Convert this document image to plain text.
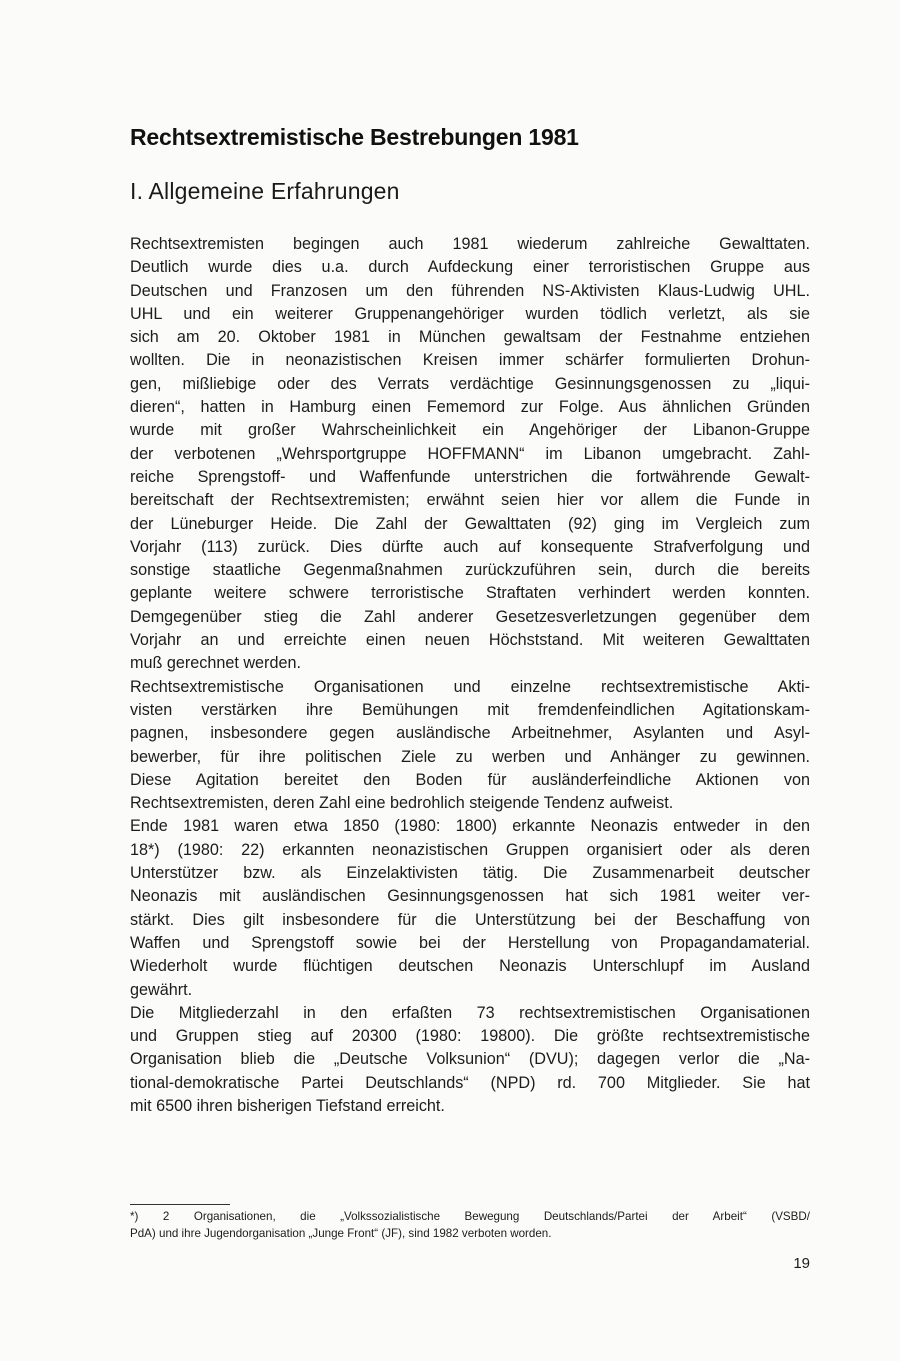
Rechtsextremistische Bestrebungen 1981
I. Allgemeine Erfahrungen

Rechtsextremisten begingen auch 1981 wiederum zahlreiche Gewalttaten.
Deutlich wurde dies u.a. durch Aufdeckung einer terroristischen Gruppe aus
Deutschen und Franzosen um den führenden NS-Aktivisten Klaus-Ludwig UHL.
UHL und ein weiterer Gruppenangehöriger wurden tödlich verletzt, als sie
sich am 20. Oktober 1981 in München gewaltsam der Festnahme entziehen
wollten. Die in neonazistischen Kreisen immer schärfer formulierten Drohun-
gen, mißliebige oder des Verrats verdächtige Gesinnungsgenossen zu „liqui-
dieren“, hatten in Hamburg einen Fememord zur Folge. Aus ähnlichen Gründen
wurde mit großer Wahrscheinlichkeit ein Angehöriger der Libanon-Gruppe
der verbotenen „Wehrsportgruppe HOFFMANN“ im Libanon umgebracht. Zahl-
reiche Sprengstoff- und Waffenfunde unterstrichen die fortwährende Gewalt-
bereitschaft der Rechtsextremisten; erwähnt seien hier vor allem die Funde in
der Lüneburger Heide. Die Zahl der Gewalttaten (92) ging im Vergleich zum
Vorjahr (113) zurück. Dies dürfte auch auf konsequente Strafverfolgung und
sonstige staatliche Gegenmaßnahmen zurückzuführen sein, durch die bereits
geplante weitere schwere terroristische Straftaten verhindert werden konnten.
Demgegenüber stieg die Zahl anderer Gesetzesverletzungen gegenüber dem
Vorjahr an und erreichte einen neuen Höchststand. Mit weiteren Gewalttaten
muß gerechnet werden.

Rechtsextremistische Organisationen und einzelne rechtsextremistische Akti-
visten verstärken ihre Bemühungen mit fremdenfeindlichen Agitationskam-
pagnen, insbesondere gegen ausländische Arbeitnehmer, Asylanten und Asyl-
bewerber, für ihre politischen Ziele zu werben und Anhänger zu gewinnen.
Diese Agitation bereitet den Boden für ausländerfeindliche Aktionen von
Rechtsextremisten, deren Zahl eine bedrohlich steigende Tendenz aufweist.

Ende 1981 waren etwa 1850 (1980: 1800) erkannte Neonazis entweder in den
18*) (1980: 22) erkannten neonazistischen Gruppen organisiert oder als deren
Unterstützer bzw. als Einzelaktivisten tätig. Die Zusammenarbeit deutscher
Neonazis mit ausländischen Gesinnungsgenossen hat sich 1981 weiter ver-
stärkt. Dies gilt insbesondere für die Unterstützung bei der Beschaffung von
Waffen und Sprengstoff sowie bei der Herstellung von Propagandamaterial.
Wiederholt wurde flüchtigen deutschen Neonazis Unterschlupf im Ausland
gewährt.

Die Mitgliederzahl in den erfaßten 73 rechtsextremistischen Organisationen
und Gruppen stieg auf 20300 (1980: 19800). Die größte rechtsextremistische
Organisation blieb die „Deutsche Volksunion“ (DVU); dagegen verlor die „Na-
tional-demokratische Partei Deutschlands“ (NPD) rd. 700 Mitglieder. Sie hat
mit 6500 ihren bisherigen Tiefstand erreicht.

*) 2 Organisationen, die „Volkssozialistische Bewegung Deutschlands/Partei der Arbeit“ (VSBD/
PdA) und ihre Jugendorganisation „Junge Front“ (JF), sind 1982 verboten worden.
19
